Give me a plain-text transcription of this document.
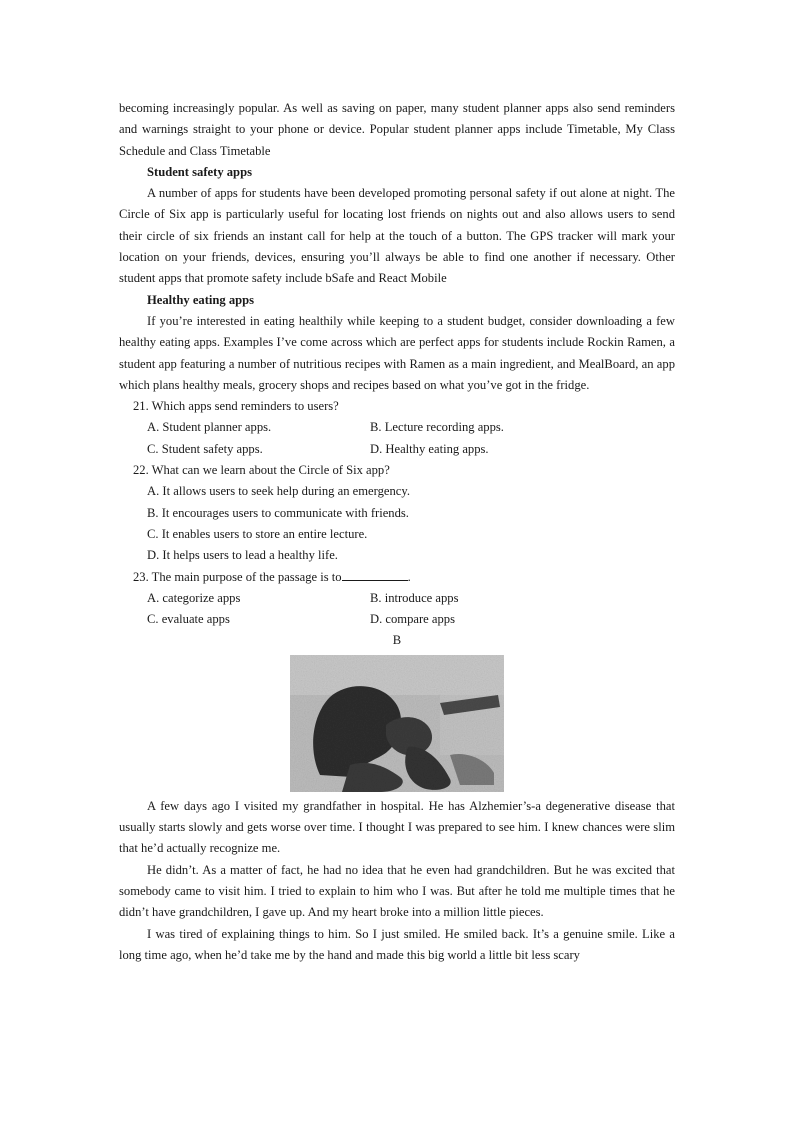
becoming increasingly popular. As well as saving on paper, many student planner apps also send reminders and warnings straight to your phone or device. Popular student planner apps include Timetable, My Class Schedule and Class Timetable

Student safety apps

A number of apps for students have been developed promoting personal safety if out alone at night. The Circle of Six app is particularly useful for locating lost friends on nights out and also allows users to send their circle of six friends an instant call for help at the touch of a button. The GPS tracker will mark your location on your friends, devices, ensuring you’ll always be able to find one another if necessary. Other student apps that promote safety include bSafe and React Mobile

Healthy eating apps

If you’re interested in eating healthily while keeping to a student budget, consider downloading a few healthy eating apps. Examples I’ve come across which are perfect apps for students include Rockin Ramen, a student app featuring a number of nutritious recipes with Ramen as a main ingredient, and MealBoard, an app which plans healthy meals, grocery shops and recipes based on what you’ve got in the fridge.

21. Which apps send reminders to users?

A. Student planner apps.	B. Lecture recording apps.
C. Student safety apps.	D. Healthy eating apps.

22. What can we learn about the Circle of Six app?

A. It allows users to seek help during an emergency.

B. It encourages users to communicate with friends.

C. It enables users to store an entire lecture.

D. It helps users to lead a healthy life.

23. The main purpose of the passage is to	.

A. categorize apps	B. introduce apps
C. evaluate apps	D. compare apps

B

A few days ago I visited my grandfather in hospital. He has Alzhemier’s-a degenerative disease that usually starts slowly and gets worse over time. I thought I was prepared to see him. I knew chances were slim that he’d actually recognize me.

He didn’t. As a matter of fact, he had no idea that he even had grandchildren. But he was excited that somebody came to visit him. I tried to explain to him who I was. But after he told me multiple times that he didn’t have grandchildren, I gave up. And my heart broke into a million little pieces.

I was tired of explaining things to him. So I just smiled. He smiled back. It’s a genuine smile. Like a long time ago, when he’d take me by the hand and made this big world a little bit less scary
